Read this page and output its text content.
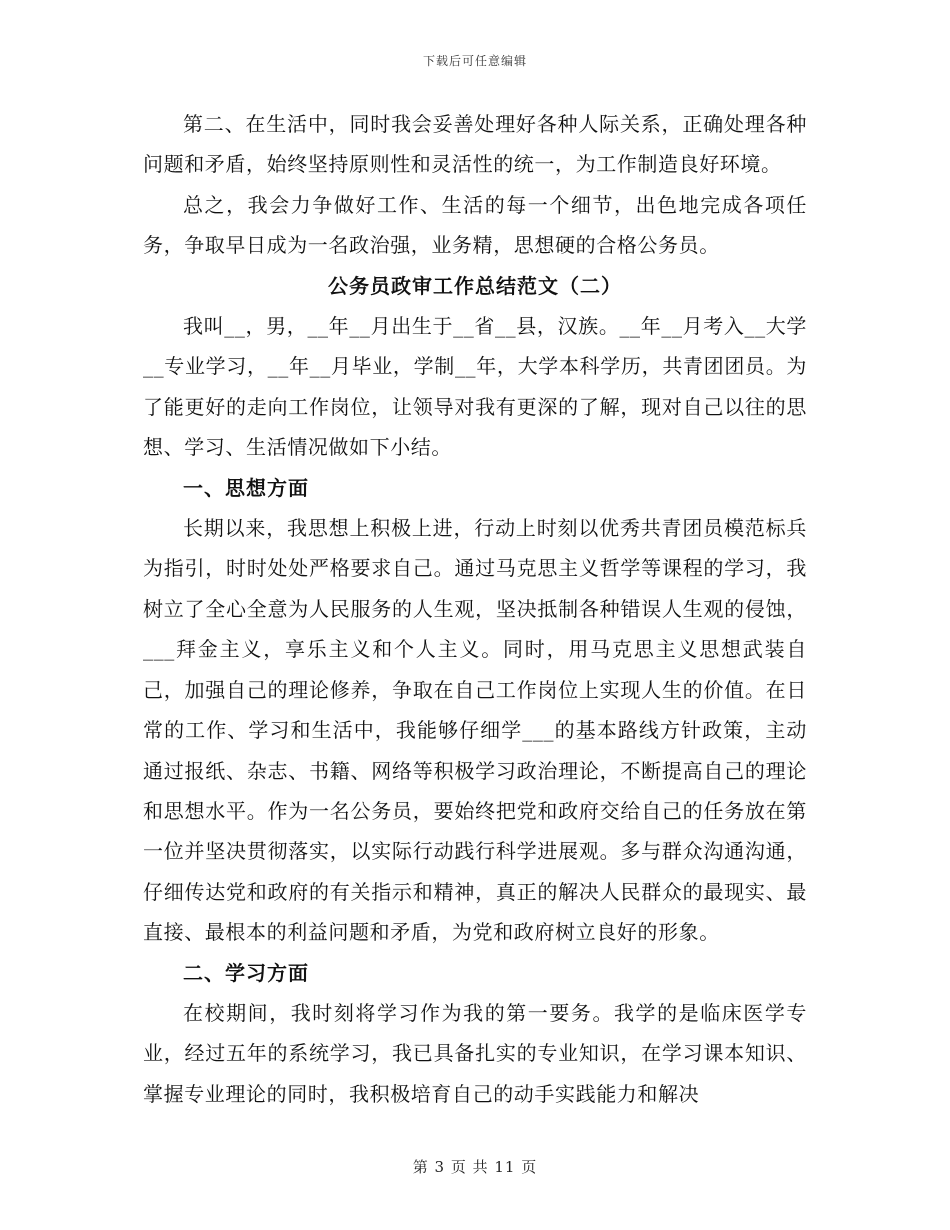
下载后可任意编辑

第二、在生活中，同时我会妥善处理好各种人际关系，正确处理各种问题和矛盾，始终坚持原则性和灵活性的统一，为工作制造良好环境。

总之，我会力争做好工作、生活的每一个细节，出色地完成各项任务，争取早日成为一名政治强，业务精，思想硬的合格公务员。

公务员政审工作总结范文（二）

我叫__，男，__年__月出生于__省__县，汉族。__年__月考入__大学__专业学习，__年__月毕业，学制__年，大学本科学历，共青团团员。为了能更好的走向工作岗位，让领导对我有更深的了解，现对自己以往的思想、学习、生活情况做如下小结。

一、思想方面

长期以来，我思想上积极上进，行动上时刻以优秀共青团员模范标兵为指引，时时处处严格要求自己。通过马克思主义哲学等课程的学习，我树立了全心全意为人民服务的人生观，坚决抵制各种错误人生观的侵蚀，___拜金主义，享乐主义和个人主义。同时，用马克思主义思想武装自己，加强自己的理论修养，争取在自己工作岗位上实现人生的价值。在日常的工作、学习和生活中，我能够仔细学___的基本路线方针政策，主动通过报纸、杂志、书籍、网络等积极学习政治理论，不断提高自己的理论和思想水平。作为一名公务员，要始终把党和政府交给自己的任务放在第一位并坚决贯彻落实，以实际行动践行科学进展观。多与群众沟通沟通，仔细传达党和政府的有关指示和精神，真正的解决人民群众的最现实、最直接、最根本的利益问题和矛盾，为党和政府树立良好的形象。

二、学习方面

在校期间，我时刻将学习作为我的第一要务。我学的是临床医学专业，经过五年的系统学习，我已具备扎实的专业知识，在学习课本知识、掌握专业理论的同时，我积极培育自己的动手实践能力和解决

第 3 页 共 11 页
